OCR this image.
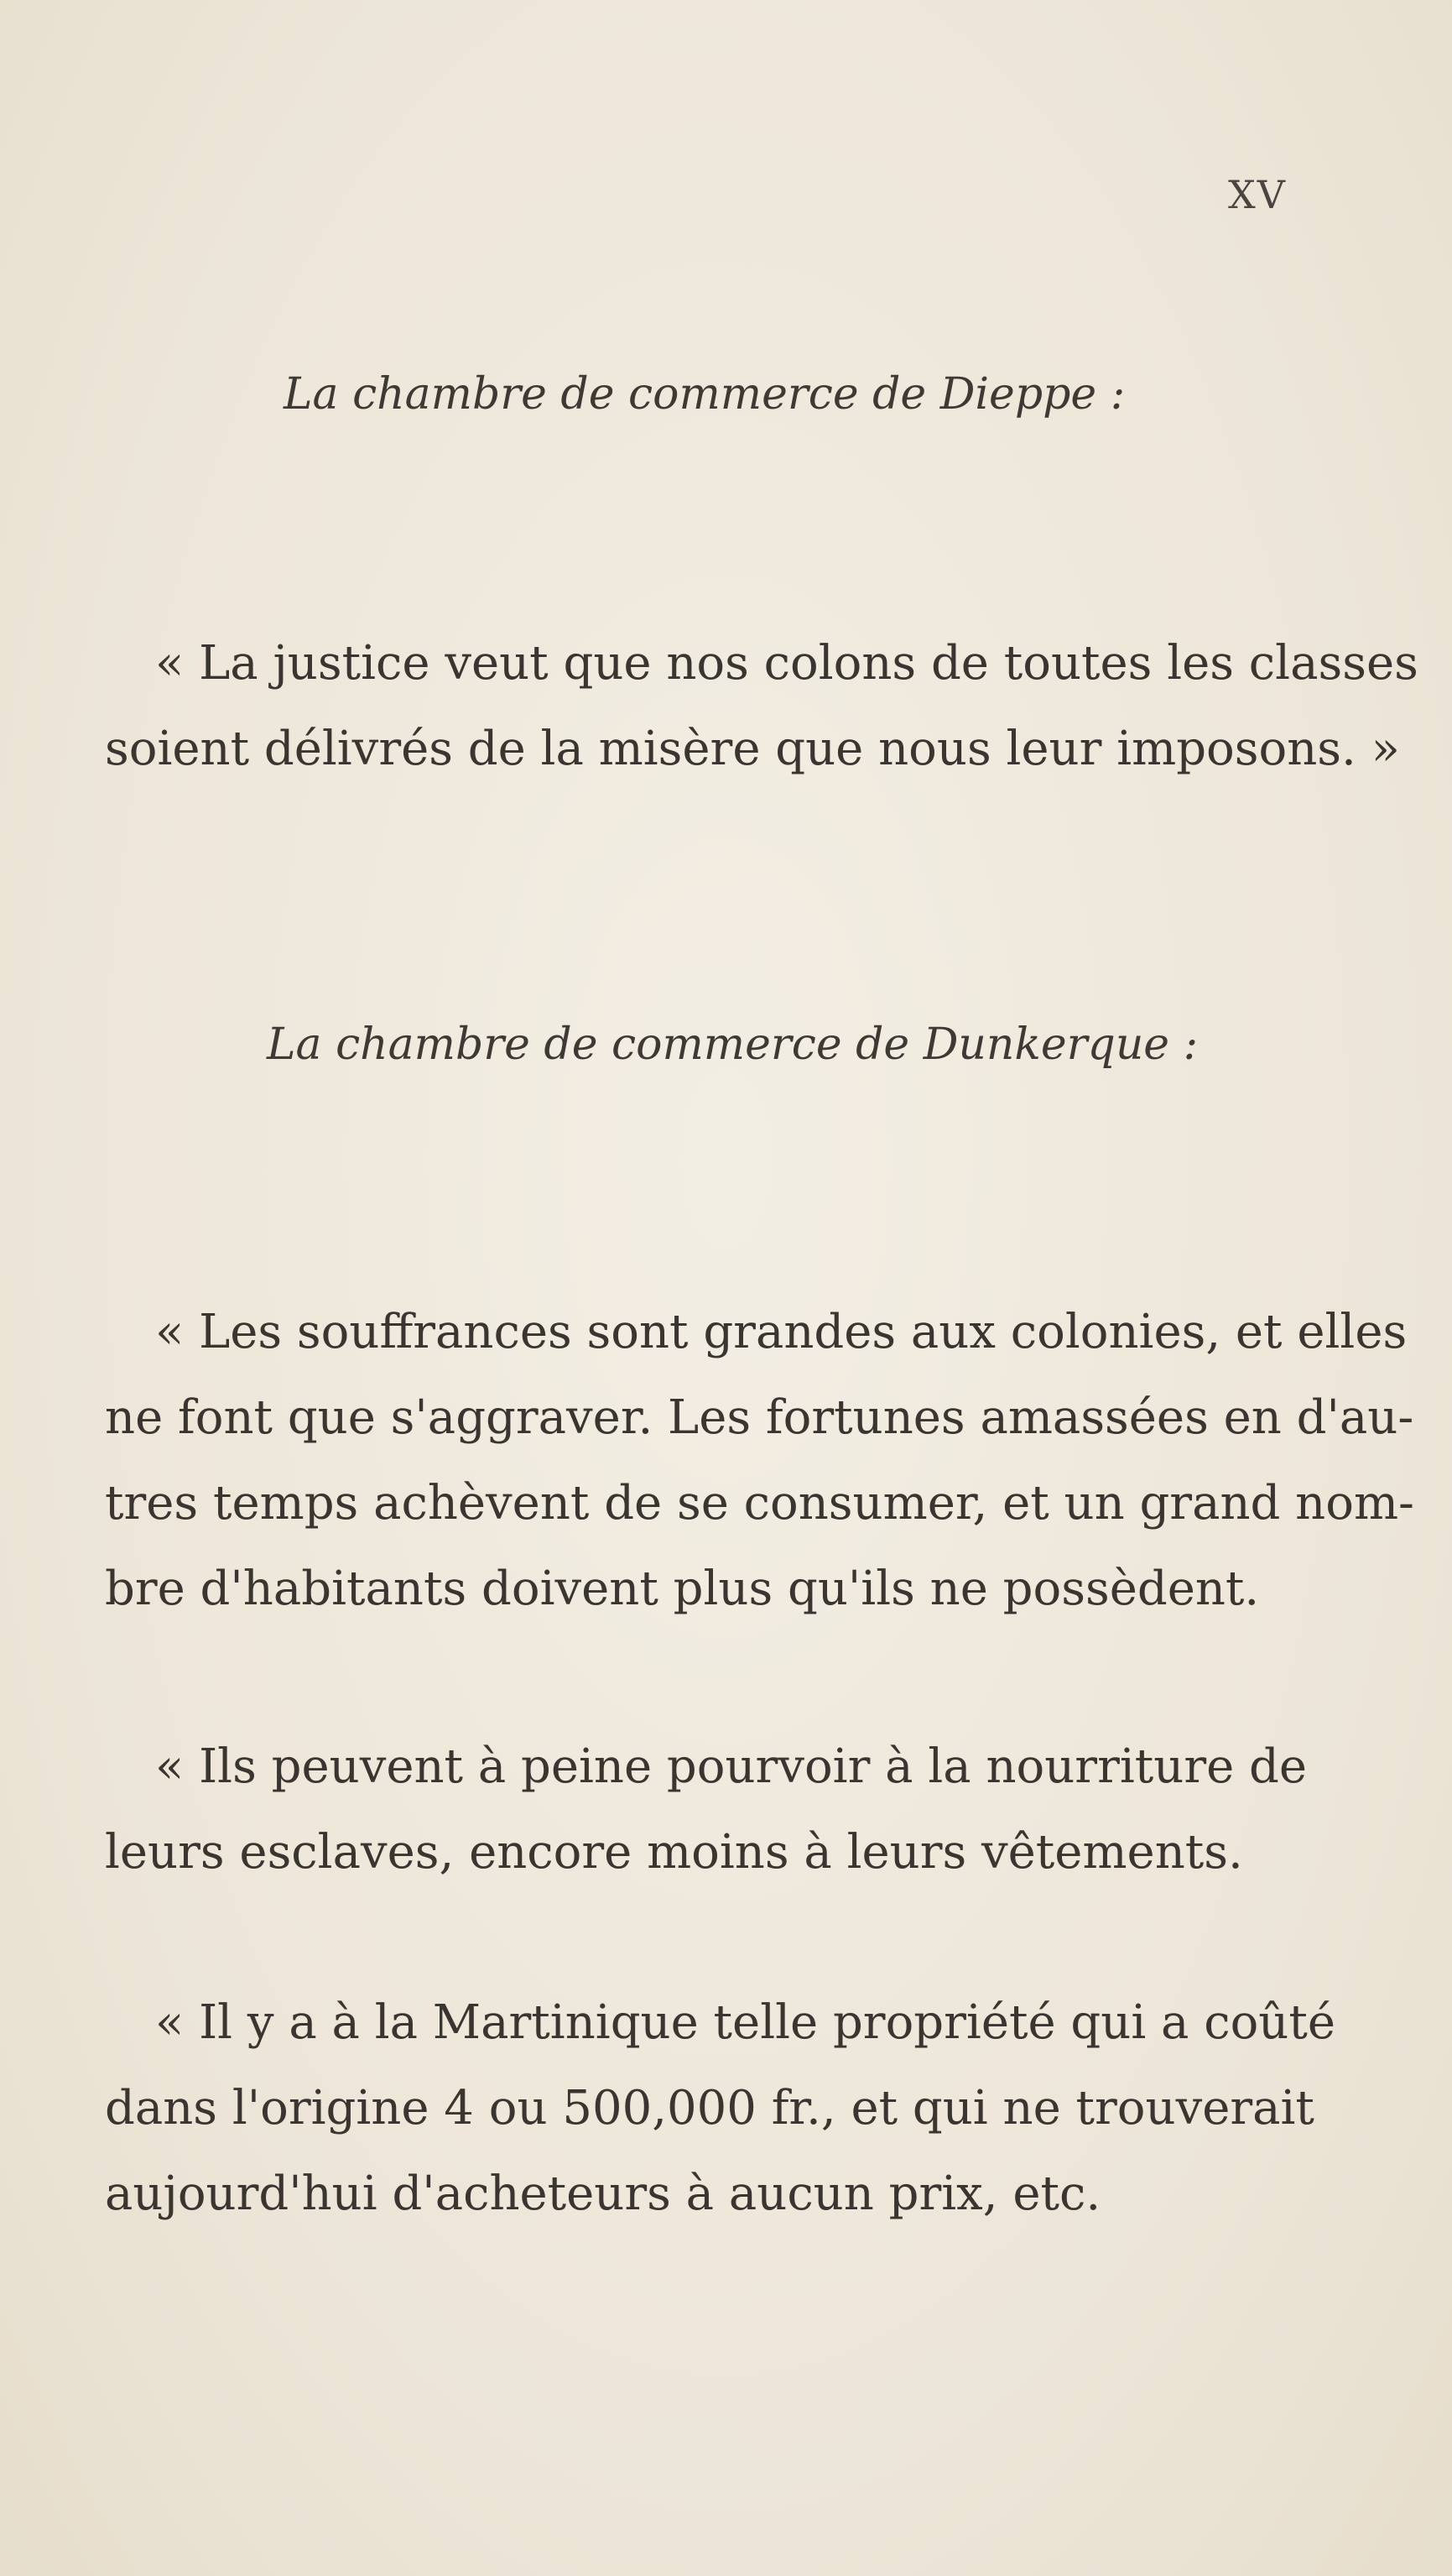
XV
La chambre de commerce de Dieppe :
« La justice veut que nos colons de toutes les classes
soient délivrés de la misère que nous leur imposons. »
La chambre de commerce de Dunkerque :
« Les souffrances sont grandes aux colonies, et elles
ne font que s'aggraver. Les fortunes amassées en d'au-
tres temps achèvent de se consumer, et un grand nom-
bre d'habitants doivent plus qu'ils ne possèdent.
« Ils peuvent à peine pourvoir à la nourriture de
leurs esclaves, encore moins à leurs vêtements.
« Il y a à la Martinique telle propriété qui a coûté
dans l'origine 4 ou 500,000 fr., et qui ne trouverait
aujourd'hui d'acheteurs à aucun prix, etc.
